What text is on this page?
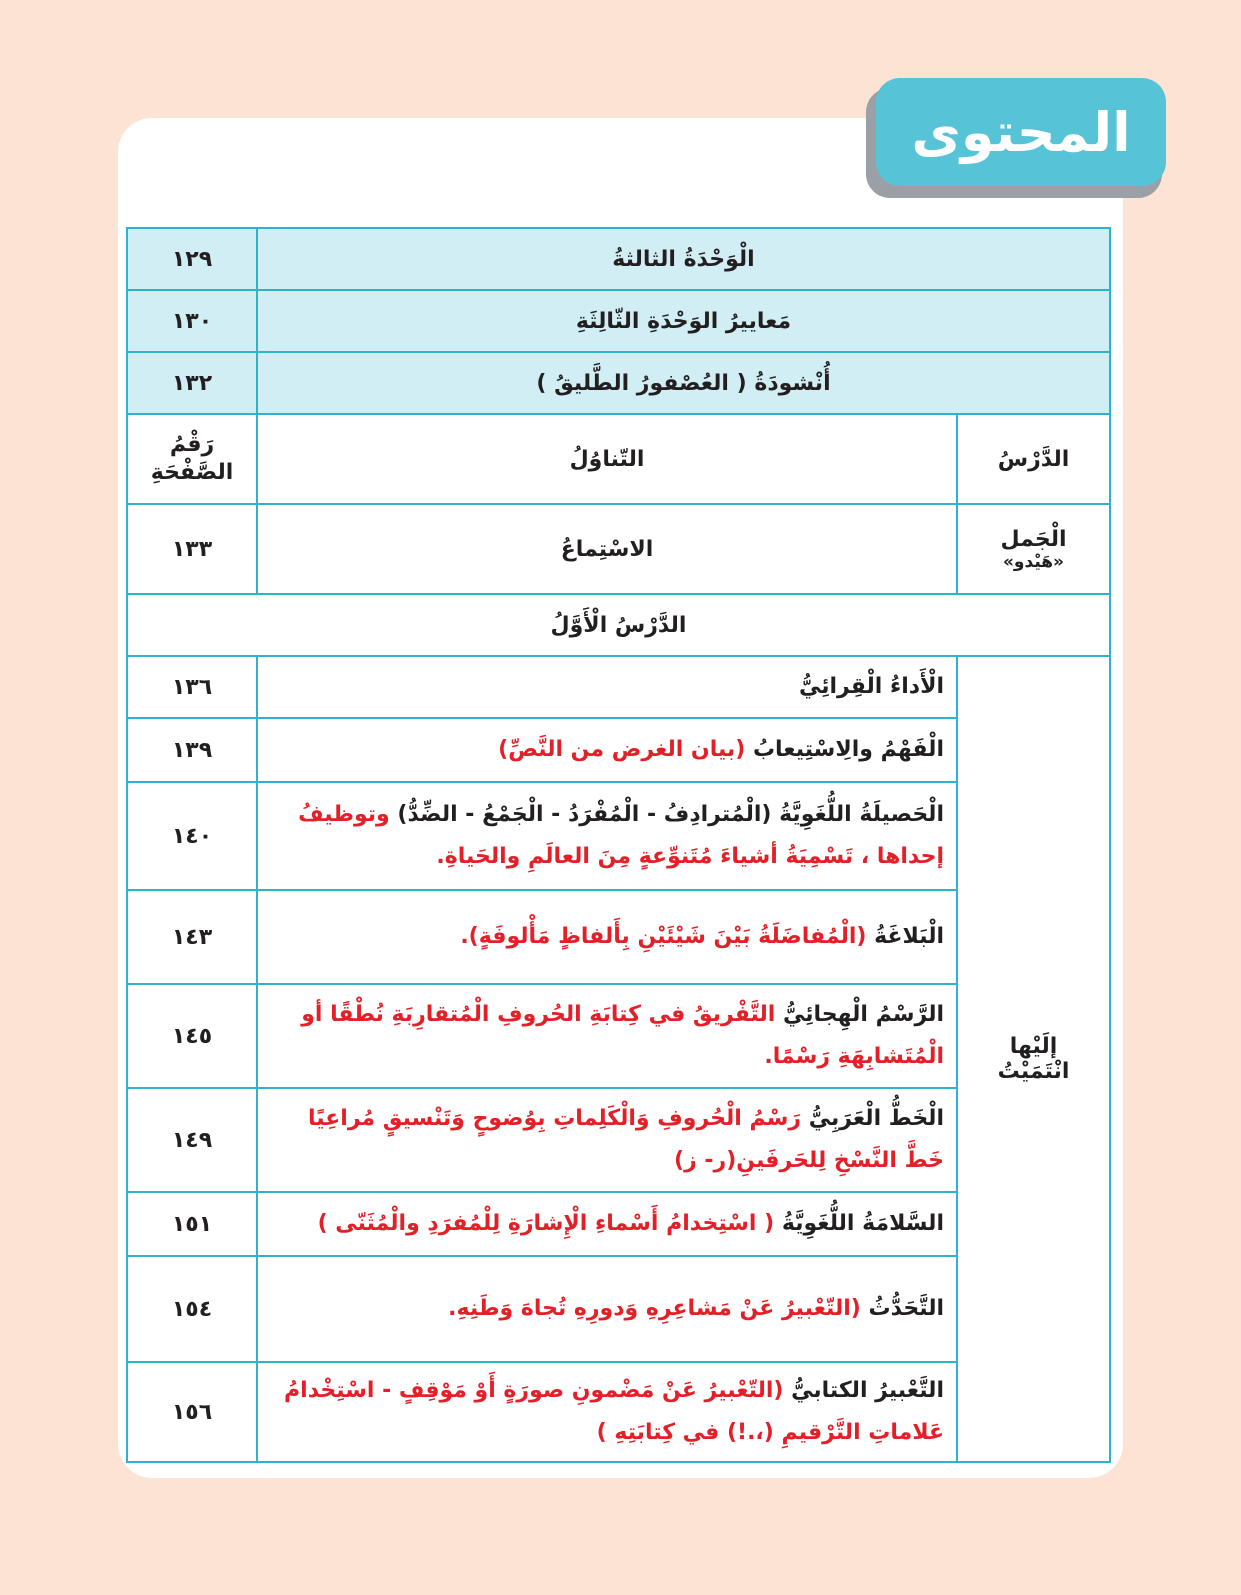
المحتوى
الْوَحْدَةُ الثالثةُ		١٢٩
مَعاييرُ الوَحْدَةِ الثّالِثَةِ		١٣٠
أُنْشودَةُ ( العُصْفورُ الطَّليقُ )		١٣٢
الدَّرْسُ	التّناوُلُ	رَقْمُ الصَّفْحَةِ
الْجَمل
«هَيْدو»	الاسْتِماعُ	١٣٣
الدَّرْسُ الْأَوَّلُ		
إلَيْها انْتَمَيْتُ	الْأَداءُ الْقِرائِيُّ	١٣٦
	الْفَهْمُ والِاسْتِيعابُ (بيان الغرض من النَّصِّ)	١٣٩
	الْحَصيلَةُ اللُّغَوِيَّةُ (الْمُترادِفُ - الْمُفْرَدُ - الْجَمْعُ - الضِّدُّ) وتوظيفُ إحداها ، تَسْمِيَةُ أشياءَ مُتَنوِّعةٍ مِنَ العالَمِ والحَياةِ.	١٤٠
	الْبَلاغَةُ (الْمُفاضَلَةُ بَيْنَ شَيْئَيْنِ بِأَلفاظٍ مَأْلوفَةٍ).	١٤٣
	الرَّسْمُ الْهِجائِيُّ التَّفْريقُ في كِتابَةِ الحُروفِ الْمُتقارِبَةِ نُطْقًا أو الْمُتَشابِهَةِ رَسْمًا.	١٤٥
	الْخَطُّ الْعَرَبِيُّ رَسْمُ الْحُروفِ وَالْكَلِماتِ بِوُضوحٍ وَتَنْسيقٍ مُراعِيًا خَطَّ النَّسْخِ لِلحَرفَينِ(ر- ز)	١٤٩
	السَّلامَةُ اللُّغَوِيَّةُ ( اسْتِخدامُ أَسْماءِ الْإِشارَةِ لِلْمُفرَدِ والْمُثَنّى )	١٥١
	التَّحَدُّثُ (التّعْبيرُ عَنْ مَشاعِرِهِ وَدورِهِ تُجاهَ وَطَنِهِ.	١٥٤
	التَّعْبيرُ الكتابيُّ (التّعْبيرُ عَنْ مَضْمونِ صورَةٍ أَوْ مَوْقِفٍ - اسْتِخْدامُ عَلاماتِ التَّرْقيمِ (،.!) في كِتابَتِهِ )	١٥٦
